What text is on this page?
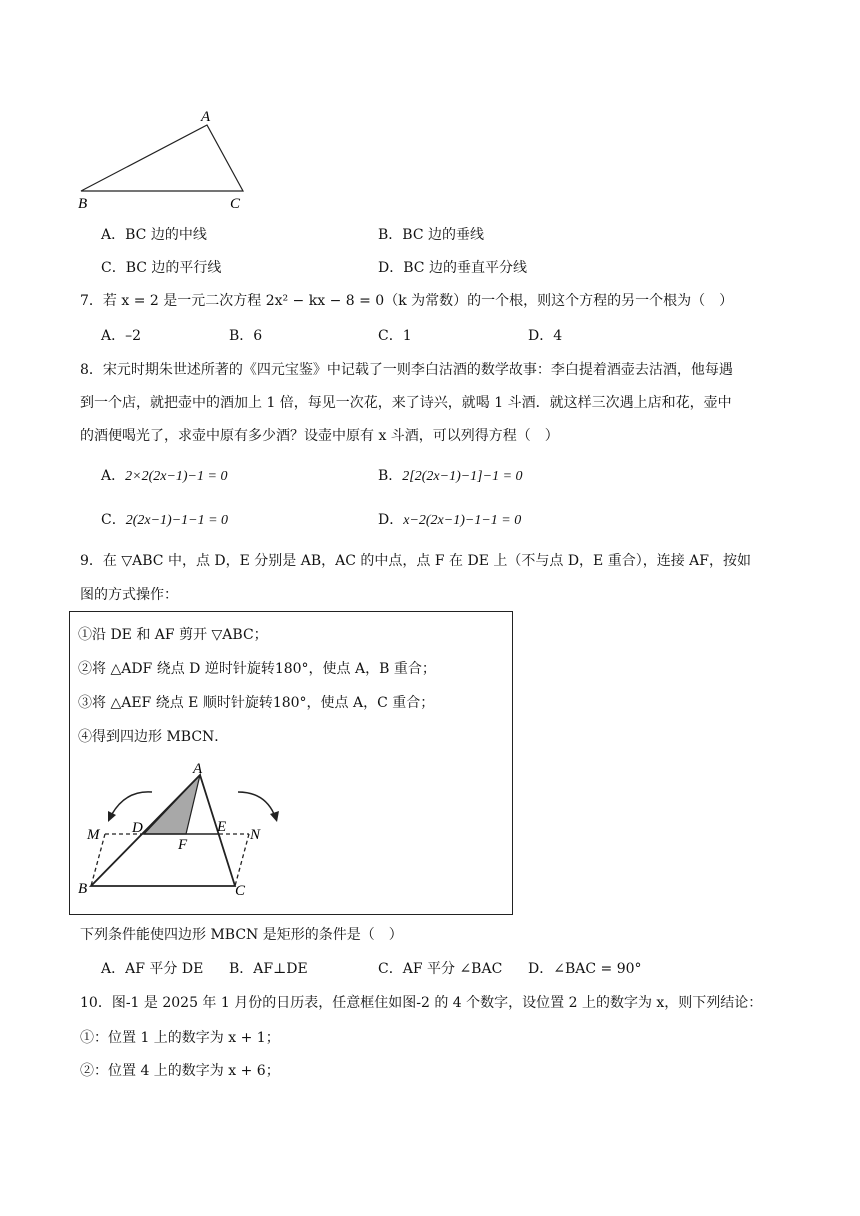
A
B	C
A．BC 边的中线	B．BC 边的垂线
C．BC 边的平行线	D．BC 边的垂直平分线
7．若 x = 2 是一元二次方程 2x² − kx − 8 = 0（k 为常数）的一个根，则这个方程的另一个根为（　）
A．–2	B．6	C．1	D．4
8．宋元时期朱世述所著的《四元宝鉴》中记载了一则李白沽酒的数学故事：李白提着酒壶去沽酒，他每遇
到一个店，就把壶中的酒加上 1 倍，每见一次花，来了诗兴，就喝 1 斗酒．就这样三次遇上店和花，壶中
的酒便喝光了，求壶中原有多少酒？设壶中原有 x 斗酒，可以列得方程（　）
A．2×2(2x−1)−1 = 0	B．2[2(2x−1)−1]−1 = 0
C．2(2x−1)−1−1 = 0	D．x−2(2x−1)−1−1 = 0
9．在 ▽ABC 中，点 D，E 分别是 AB，AC 的中点，点 F 在 DE 上（不与点 D，E 重合），连接 AF，按如
图的方式操作：
①沿 DE 和 AF 剪开 ▽ABC；
②将 △ADF 绕点 D 逆时针旋转180°，使点 A，B 重合；
③将 △AEF 绕点 E 顺时针旋转180°，使点 A，C 重合；
④得到四边形 MBCN．
A
M D	E N
F
B	C
下列条件能使四边形 MBCN 是矩形的条件是（　）
A．AF 平分 DE B．AF⊥DE	C．AF 平分 ∠BAC D．∠BAC = 90°
10．图-1 是 2025 年 1 月份的日历表，任意框住如图-2 的 4 个数字，设位置 2 上的数字为 x，则下列结论：
①：位置 1 上的数字为 x + 1；
②：位置 4 上的数字为 x + 6；
